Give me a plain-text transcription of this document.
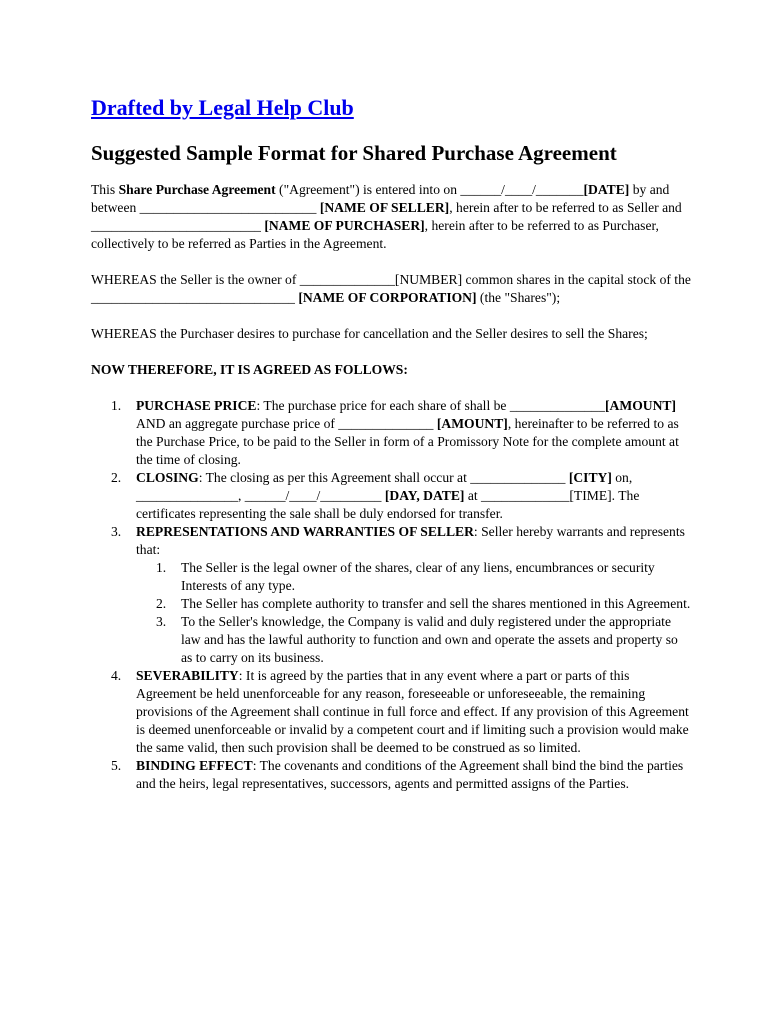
Drafted by Legal Help Club
Suggested Sample Format for Shared Purchase Agreement

This Share Purchase Agreement ("Agreement") is entered into on ______/____/_______[DATE] by and between __________________________ [NAME OF SELLER], herein after to be referred to as Seller and _________________________ [NAME OF PURCHASER], herein after to be referred to as Purchaser, collectively to be referred as Parties in the Agreement.

WHEREAS the Seller is the owner of ______________[NUMBER] common shares in the capital stock of the ______________________________ [NAME OF CORPORATION] (the "Shares");

WHEREAS the Purchaser desires to purchase for cancellation and the Seller desires to sell the Shares;

NOW THEREFORE, IT IS AGREED AS FOLLOWS:

1. PURCHASE PRICE: The purchase price for each share of shall be ______________[AMOUNT] AND an aggregate purchase price of ______________ [AMOUNT], hereinafter to be referred to as the Purchase Price, to be paid to the Seller in form of a Promissory Note for the complete amount at the time of closing.
2. CLOSING: The closing as per this Agreement shall occur at ______________ [CITY] on, _______________, ______/____/_________ [DAY, DATE] at _____________[TIME]. The certificates representing the sale shall be duly endorsed for transfer.
3. REPRESENTATIONS AND WARRANTIES OF SELLER: Seller hereby warrants and represents that:
1. The Seller is the legal owner of the shares, clear of any liens, encumbrances or security Interests of any type.
2. The Seller has complete authority to transfer and sell the shares mentioned in this Agreement.
3. To the Seller's knowledge, the Company is valid and duly registered under the appropriate law and has the lawful authority to function and own and operate the assets and property so as to carry on its business.
4. SEVERABILITY: It is agreed by the parties that in any event where a part or parts of this Agreement be held unenforceable for any reason, foreseeable or unforeseeable, the remaining provisions of the Agreement shall continue in full force and effect. If any provision of this Agreement is deemed unenforceable or invalid by a competent court and if limiting such a provision would make the same valid, then such provision shall be deemed to be construed as so limited.
5. BINDING EFFECT: The covenants and conditions of the Agreement shall bind the bind the parties and the heirs, legal representatives, successors, agents and permitted assigns of the Parties.
